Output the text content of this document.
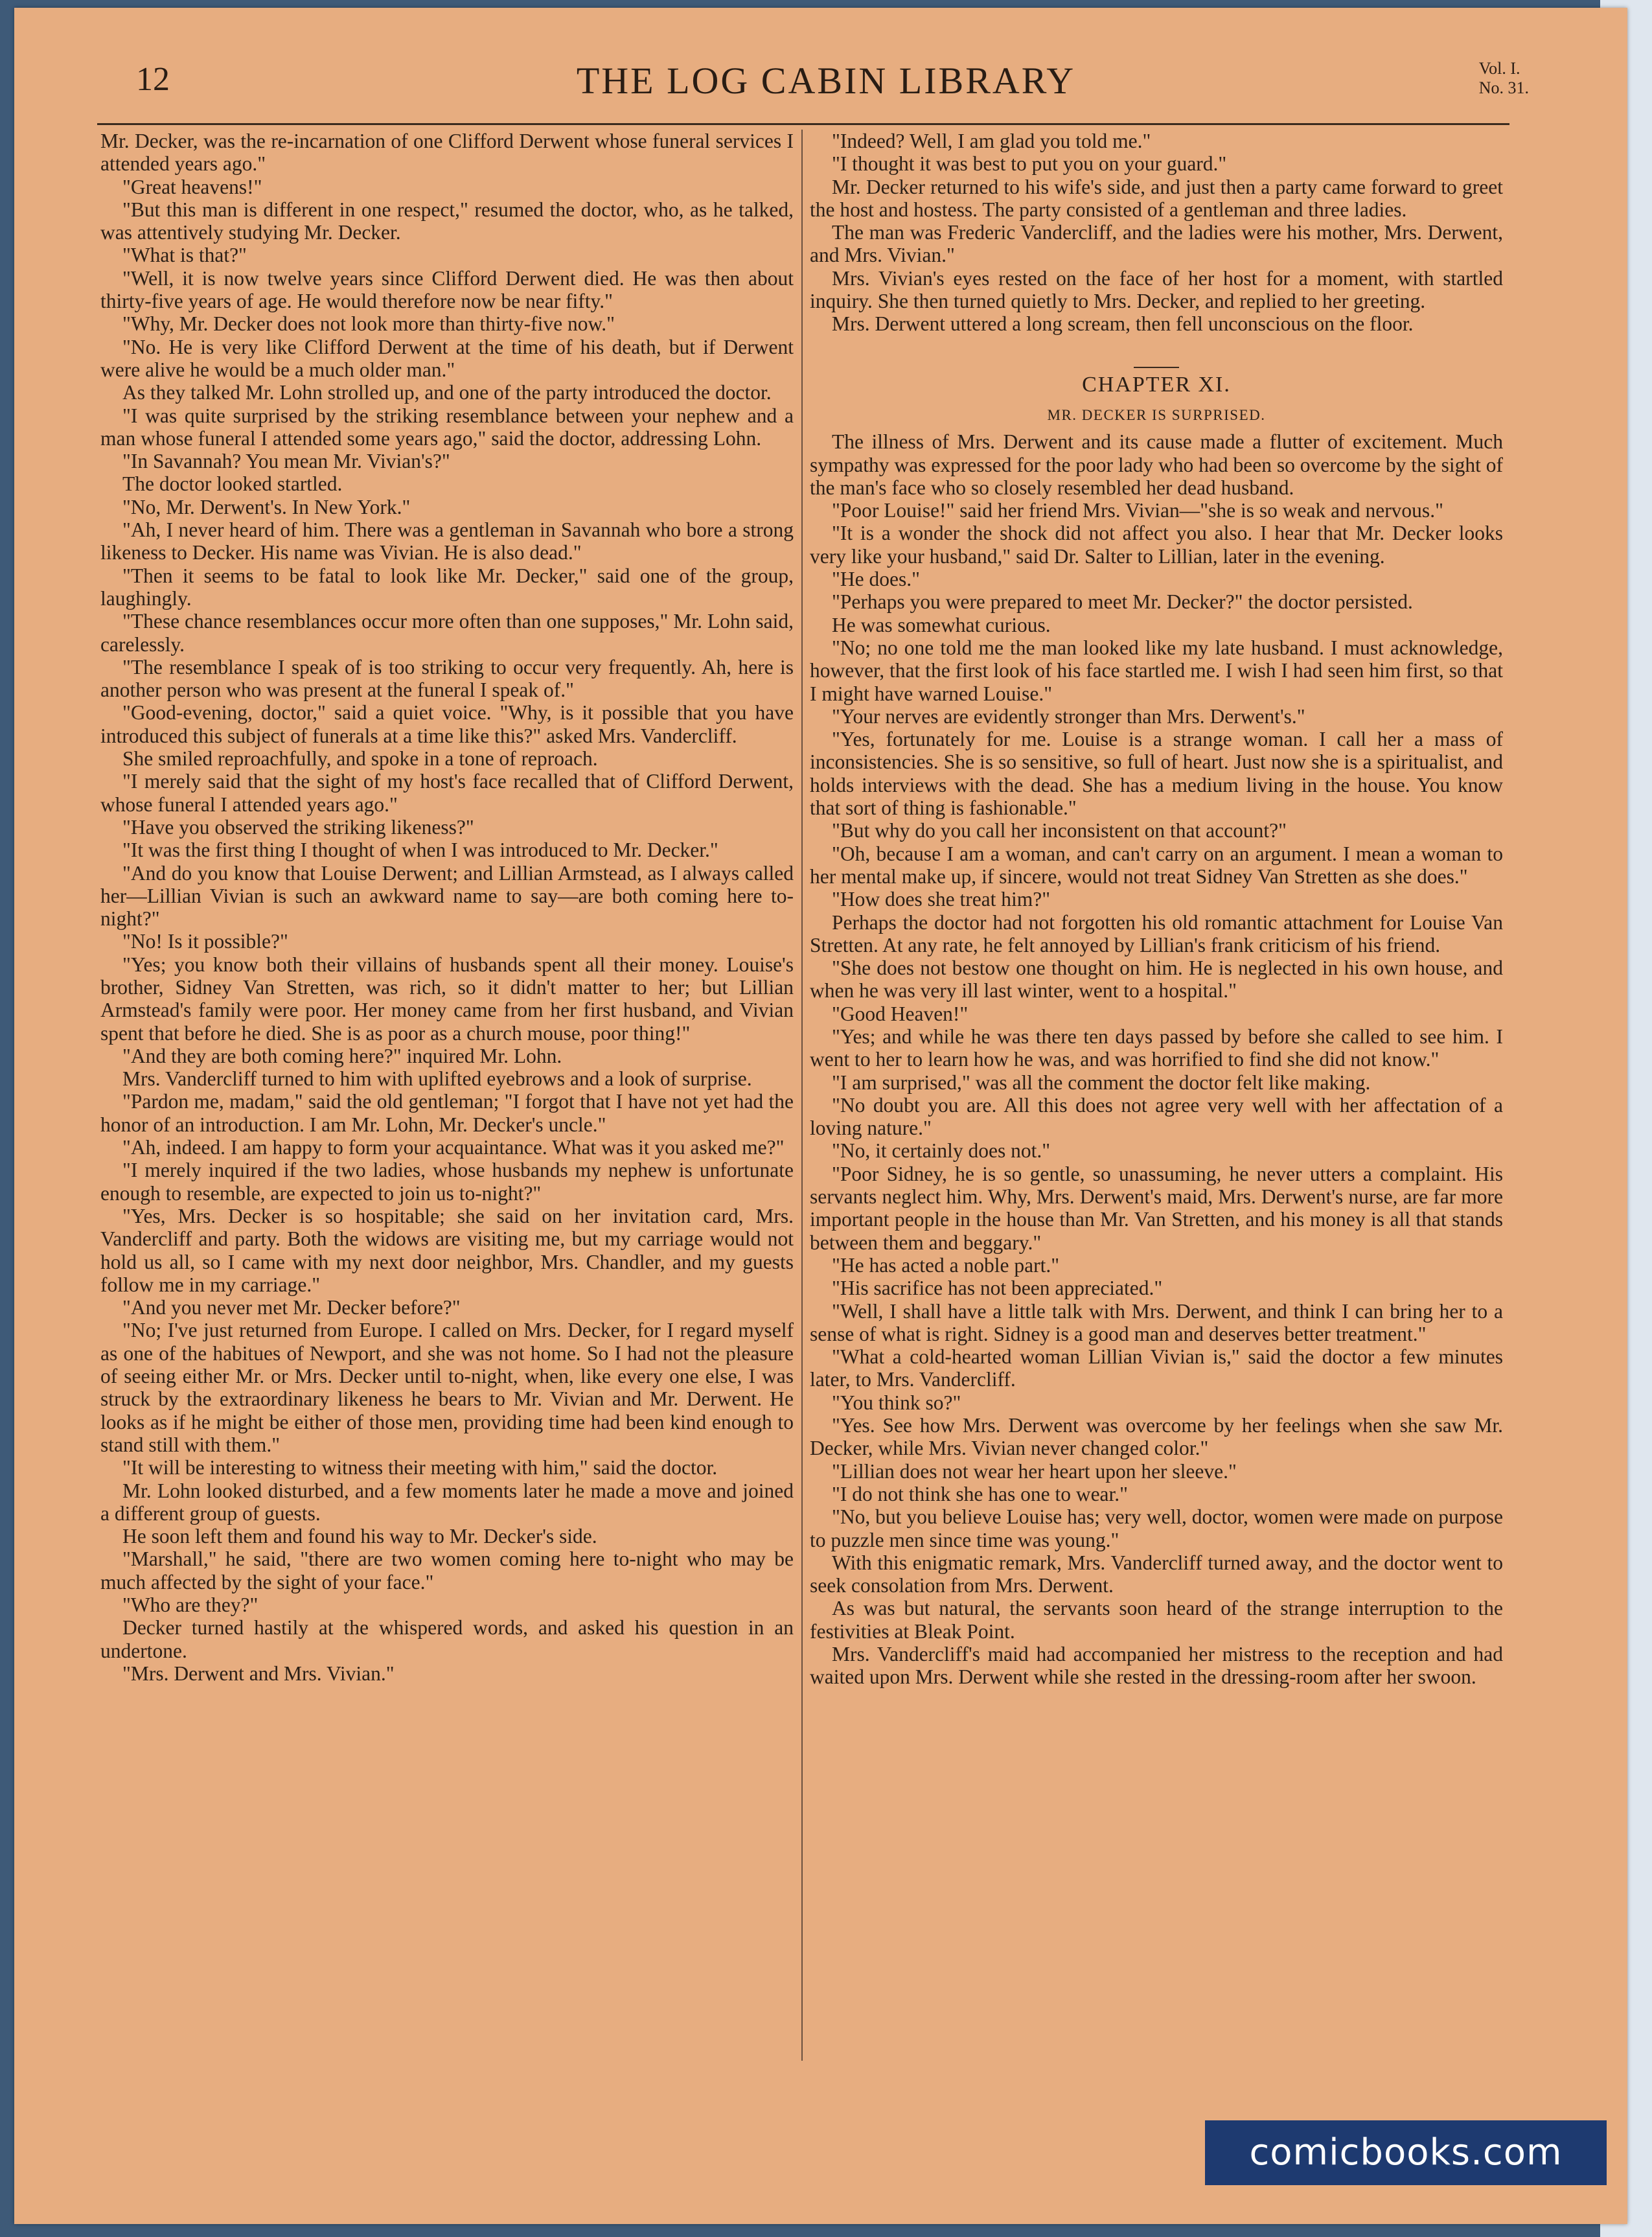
12	THE LOG CABIN LIBRARY	Vol. I.
No. 31.

Mr. Decker, was the re-incarnation of one Clifford Derwent whose funeral services I attended years ago."

"Great heavens!"

"But this man is different in one respect," resumed the doctor, who, as he talked, was attentively studying Mr. Decker.

"What is that?"

"Well, it is now twelve years since Clifford Derwent died. He was then about thirty-five years of age. He would therefore now be near fifty."

"Why, Mr. Decker does not look more than thirty-five now."

"No. He is very like Clifford Derwent at the time of his death, but if Derwent were alive he would be a much older man."

As they talked Mr. Lohn strolled up, and one of the party introduced the doctor.

"I was quite surprised by the striking resemblance between your nephew and a man whose funeral I attended some years ago," said the doctor, addressing Lohn.

"In Savannah? You mean Mr. Vivian's?"

The doctor looked startled.

"No, Mr. Derwent's. In New York."

"Ah, I never heard of him. There was a gentleman in Savannah who bore a strong likeness to Decker. His name was Vivian. He is also dead."

"Then it seems to be fatal to look like Mr. Decker," said one of the group, laughingly.

"These chance resemblances occur more often than one supposes," Mr. Lohn said, carelessly.

"The resemblance I speak of is too striking to occur very frequently. Ah, here is another person who was present at the funeral I speak of."

"Good-evening, doctor," said a quiet voice. "Why, is it possible that you have introduced this subject of funerals at a time like this?" asked Mrs. Vandercliff.

She smiled reproachfully, and spoke in a tone of reproach.

"I merely said that the sight of my host's face recalled that of Clifford Derwent, whose funeral I attended years ago."

"Have you observed the striking likeness?"

"It was the first thing I thought of when I was introduced to Mr. Decker."

"And do you know that Louise Derwent; and Lillian Armstead, as I always called her—Lillian Vivian is such an awkward name to say—are both coming here to-night?"

"No! Is it possible?"

"Yes; you know both their villains of husbands spent all their money. Louise's brother, Sidney Van Stretten, was rich, so it didn't matter to her; but Lillian Armstead's family were poor. Her money came from her first husband, and Vivian spent that before he died. She is as poor as a church mouse, poor thing!"

"And they are both coming here?" inquired Mr. Lohn.

Mrs. Vandercliff turned to him with uplifted eyebrows and a look of surprise.

"Pardon me, madam," said the old gentleman; "I forgot that I have not yet had the honor of an introduction. I am Mr. Lohn, Mr. Decker's uncle."

"Ah, indeed. I am happy to form your acquaintance. What was it you asked me?"

"I merely inquired if the two ladies, whose husbands my nephew is unfortunate enough to resemble, are expected to join us to-night?"

"Yes, Mrs. Decker is so hospitable; she said on her invitation card, Mrs. Vandercliff and party. Both the widows are visiting me, but my carriage would not hold us all, so I came with my next door neighbor, Mrs. Chandler, and my guests follow me in my carriage."

"And you never met Mr. Decker before?"

"No; I've just returned from Europe. I called on Mrs. Decker, for I regard myself as one of the habitues of Newport, and she was not home. So I had not the pleasure of seeing either Mr. or Mrs. Decker until to-night, when, like every one else, I was struck by the extraordinary likeness he bears to Mr. Vivian and Mr. Derwent. He looks as if he might be either of those men, providing time had been kind enough to stand still with them."

"It will be interesting to witness their meeting with him," said the doctor.

Mr. Lohn looked disturbed, and a few moments later he made a move and joined a different group of guests.

He soon left them and found his way to Mr. Decker's side.

"Marshall," he said, "there are two women coming here to-night who may be much affected by the sight of your face."

"Who are they?"

Decker turned hastily at the whispered words, and asked his question in an undertone.

"Mrs. Derwent and Mrs. Vivian."

"Indeed? Well, I am glad you told me."

"I thought it was best to put you on your guard."

Mr. Decker returned to his wife's side, and just then a party came forward to greet the host and hostess. The party consisted of a gentleman and three ladies.

The man was Frederic Vandercliff, and the ladies were his mother, Mrs. Derwent, and Mrs. Vivian."

Mrs. Vivian's eyes rested on the face of her host for a moment, with startled inquiry. She then turned quietly to Mrs. Decker, and replied to her greeting.

Mrs. Derwent uttered a long scream, then fell unconscious on the floor.

CHAPTER XI.
MR. DECKER IS SURPRISED.

The illness of Mrs. Derwent and its cause made a flutter of excitement. Much sympathy was expressed for the poor lady who had been so overcome by the sight of the man's face who so closely resembled her dead husband.

"Poor Louise!" said her friend Mrs. Vivian—"she is so weak and nervous."

"It is a wonder the shock did not affect you also. I hear that Mr. Decker looks very like your husband," said Dr. Salter to Lillian, later in the evening.

"He does."

"Perhaps you were prepared to meet Mr. Decker?" the doctor persisted.

He was somewhat curious.

"No; no one told me the man looked like my late husband. I must acknowledge, however, that the first look of his face startled me. I wish I had seen him first, so that I might have warned Louise."

"Your nerves are evidently stronger than Mrs. Derwent's."

"Yes, fortunately for me. Louise is a strange woman. I call her a mass of inconsistencies. She is so sensitive, so full of heart. Just now she is a spiritualist, and holds interviews with the dead. She has a medium living in the house. You know that sort of thing is fashionable."

"But why do you call her inconsistent on that account?"

"Oh, because I am a woman, and can't carry on an argument. I mean a woman to her mental make up, if sincere, would not treat Sidney Van Stretten as she does."

"How does she treat him?"

Perhaps the doctor had not forgotten his old romantic attachment for Louise Van Stretten. At any rate, he felt annoyed by Lillian's frank criticism of his friend.

"She does not bestow one thought on him. He is neglected in his own house, and when he was very ill last winter, went to a hospital."

"Good Heaven!"

"Yes; and while he was there ten days passed by before she called to see him. I went to her to learn how he was, and was horrified to find she did not know."

"I am surprised," was all the comment the doctor felt like making.

"No doubt you are. All this does not agree very well with her affectation of a loving nature."

"No, it certainly does not."

"Poor Sidney, he is so gentle, so unassuming, he never utters a complaint. His servants neglect him. Why, Mrs. Derwent's maid, Mrs. Derwent's nurse, are far more important people in the house than Mr. Van Stretten, and his money is all that stands between them and beggary."

"He has acted a noble part."

"His sacrifice has not been appreciated."

"Well, I shall have a little talk with Mrs. Derwent, and think I can bring her to a sense of what is right. Sidney is a good man and deserves better treatment."

"What a cold-hearted woman Lillian Vivian is," said the doctor a few minutes later, to Mrs. Vandercliff.

"You think so?"

"Yes. See how Mrs. Derwent was overcome by her feelings when she saw Mr. Decker, while Mrs. Vivian never changed color."

"Lillian does not wear her heart upon her sleeve."

"I do not think she has one to wear."

"No, but you believe Louise has; very well, doctor, women were made on purpose to puzzle men since time was young."

With this enigmatic remark, Mrs. Vandercliff turned away, and the doctor went to seek consolation from Mrs. Derwent.

As was but natural, the servants soon heard of the strange interruption to the festivities at Bleak Point.

Mrs. Vandercliff's maid had accompanied her mistress to the reception and had waited upon Mrs. Derwent while she rested in the dressing-room after her swoon.

comicbooks.com
